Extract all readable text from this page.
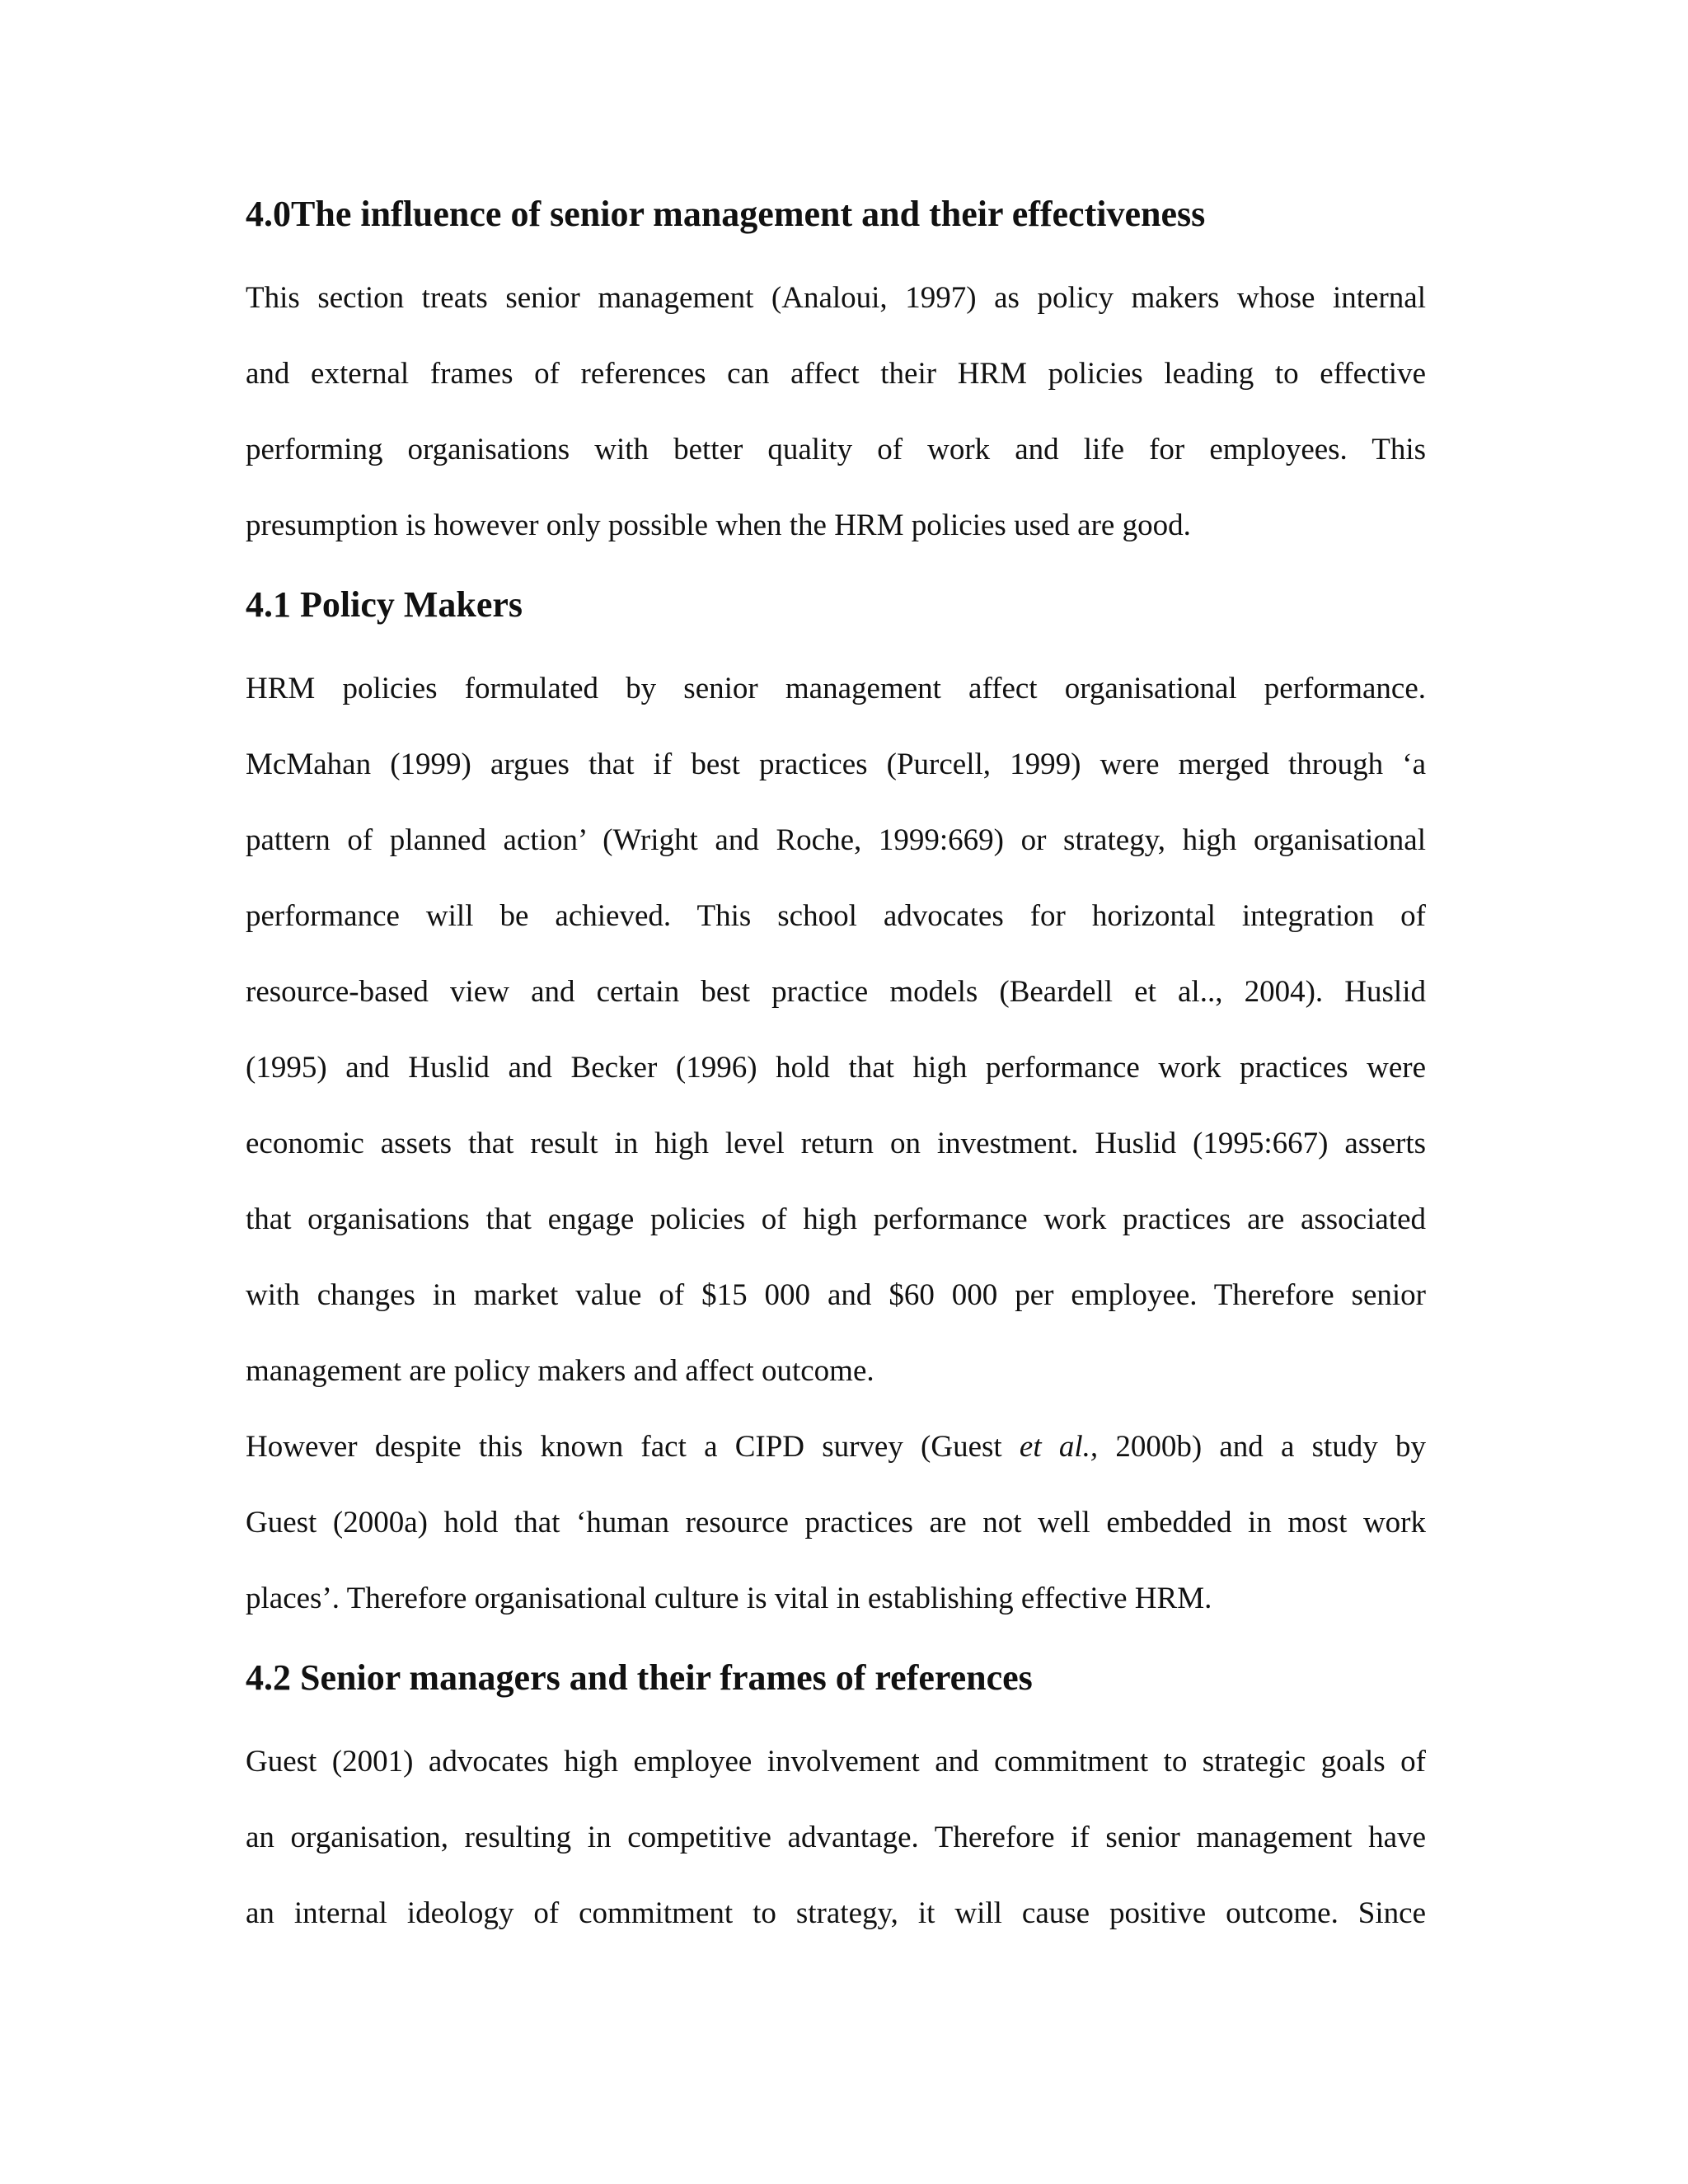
4.0The influence of senior management and their effectiveness

This section treats senior management (Analoui, 1997) as policy makers whose internal
and external frames of references can affect their HRM policies leading to effective
performing organisations with better quality of work and life for employees. This
presumption is however only possible when the HRM policies used are good.

4.1 Policy Makers

HRM policies formulated by senior management affect organisational performance.
McMahan (1999) argues that if best practices (Purcell, 1999) were merged through ‘a
pattern of planned action’ (Wright and Roche, 1999:669) or strategy, high organisational
performance will be achieved. This school advocates for horizontal integration of
resource-based view and certain best practice models (Beardell et al.., 2004). Huslid
(1995) and Huslid and Becker (1996) hold that high performance work practices were
economic assets that result in high level return on investment. Huslid (1995:667) asserts
that organisations that engage policies of high performance work practices are associated
with changes in market value of $15 000 and $60 000 per employee. Therefore senior
management are policy makers and affect outcome.

However despite this known fact a CIPD survey (Guest et al., 2000b) and a study by
Guest (2000a) hold that ‘human resource practices are not well embedded in most work
places’. Therefore organisational culture is vital in establishing effective HRM.

4.2 Senior managers and their frames of references

Guest (2001) advocates high employee involvement and commitment to strategic goals of
an organisation, resulting in competitive advantage. Therefore if senior management have
an internal ideology of commitment to strategy, it will cause positive outcome. Since
